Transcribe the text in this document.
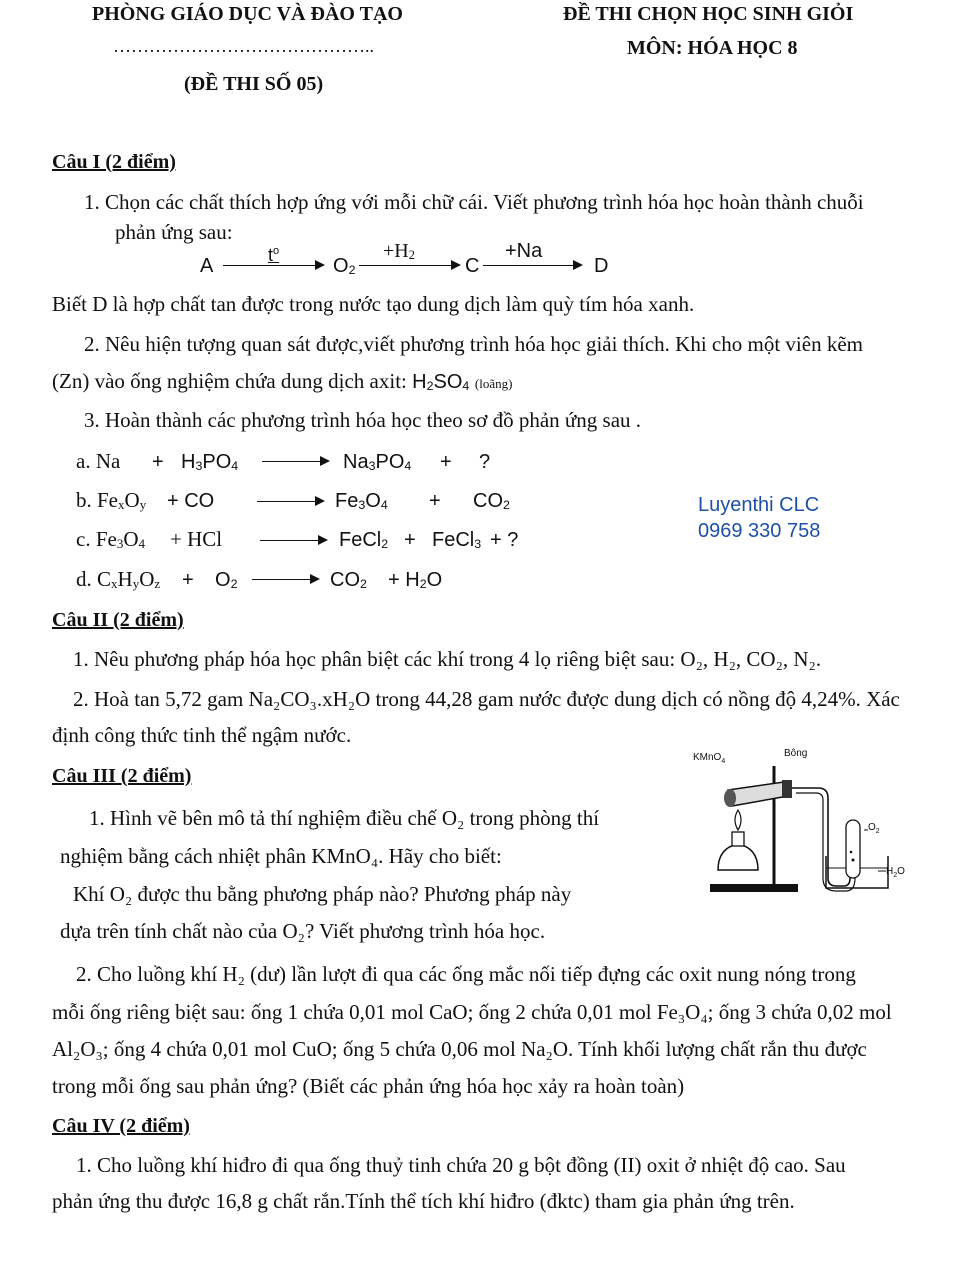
PHÒNG GIÁO DỤC VÀ ĐÀO TẠO	ĐỀ THI CHỌN HỌC SINH GIỎI
……………………………………..	MÔN: HÓA HỌC 8
(ĐỀ THI SỐ 05)
Câu I (2 điểm)
1. Chọn các chất thích hợp ứng với mỗi chữ cái. Viết phương trình hóa học hoàn thành chuỗi
phản ứng sau:
A	$t^o$
O2
+H2
C
+Na
D
Biết D là hợp chất tan được trong nước tạo dung dịch làm quỳ tím hóa xanh.
2. Nêu hiện tượng quan sát được,viết phương trình hóa học giải thích. Khi cho một viên kẽm
(Zn) vào ống nghiệm chứa dung dịch axit: H2SO4 (loãng)
3. Hoàn thành các phương trình hóa học theo sơ đồ phản ứng sau .
a. Na + H3PO4	Na3PO4 + ?
b. FexOy + CO	Fe3O4 + CO2	Luyenthi CLC
0969 330 758
c. Fe3O4 + HCl	FeCl2 + FeCl3 + ?
d. CxHyOz + O2	CO2 + H2O
Câu II (2 điểm)
1. Nêu phương pháp hóa học phân biệt các khí trong 4 lọ riêng biệt sau: O₂, H₂, CO₂, N₂.
2. Hoà tan 5,72 gam Na₂CO₃.xH₂O trong 44,28 gam nước được dung dịch có nồng độ 4,24%. Xác
định công thức tinh thể ngậm nước.
Câu III (2 điểm)
1. Hình vẽ bên mô tả thí nghiệm điều chế O₂ trong phòng thí
nghiệm bằng cách nhiệt phân KMnO₄. Hãy cho biết:
Khí O₂ được thu bằng phương pháp nào? Phương pháp này
dựa trên tính chất nào của O₂? Viết phương trình hóa học.
KMnO$_4$
Bông
$O_2$
$H_2O$
2. Cho luồng khí H₂ (dư) lần lượt đi qua các ống mắc nối tiếp đựng các oxit nung nóng trong
mỗi ống riêng biệt sau: ống 1 chứa 0,01 mol CaO; ống 2 chứa 0,01 mol Fe₃O₄; ống 3 chứa 0,02 mol
Al₂O₃; ống 4 chứa 0,01 mol CuO; ống 5 chứa 0,06 mol Na₂O. Tính khối lượng chất rắn thu được
trong mỗi ống sau phản ứng? (Biết các phản ứng hóa học xảy ra hoàn toàn)
Câu IV (2 điểm)
1. Cho luồng khí hiđro đi qua ống thuỷ tinh chứa 20 g bột đồng (II) oxit ở nhiệt độ cao. Sau
phản ứng thu được 16,8 g chất rắn.Tính thể tích khí hiđro (đktc) tham gia phản ứng trên.
